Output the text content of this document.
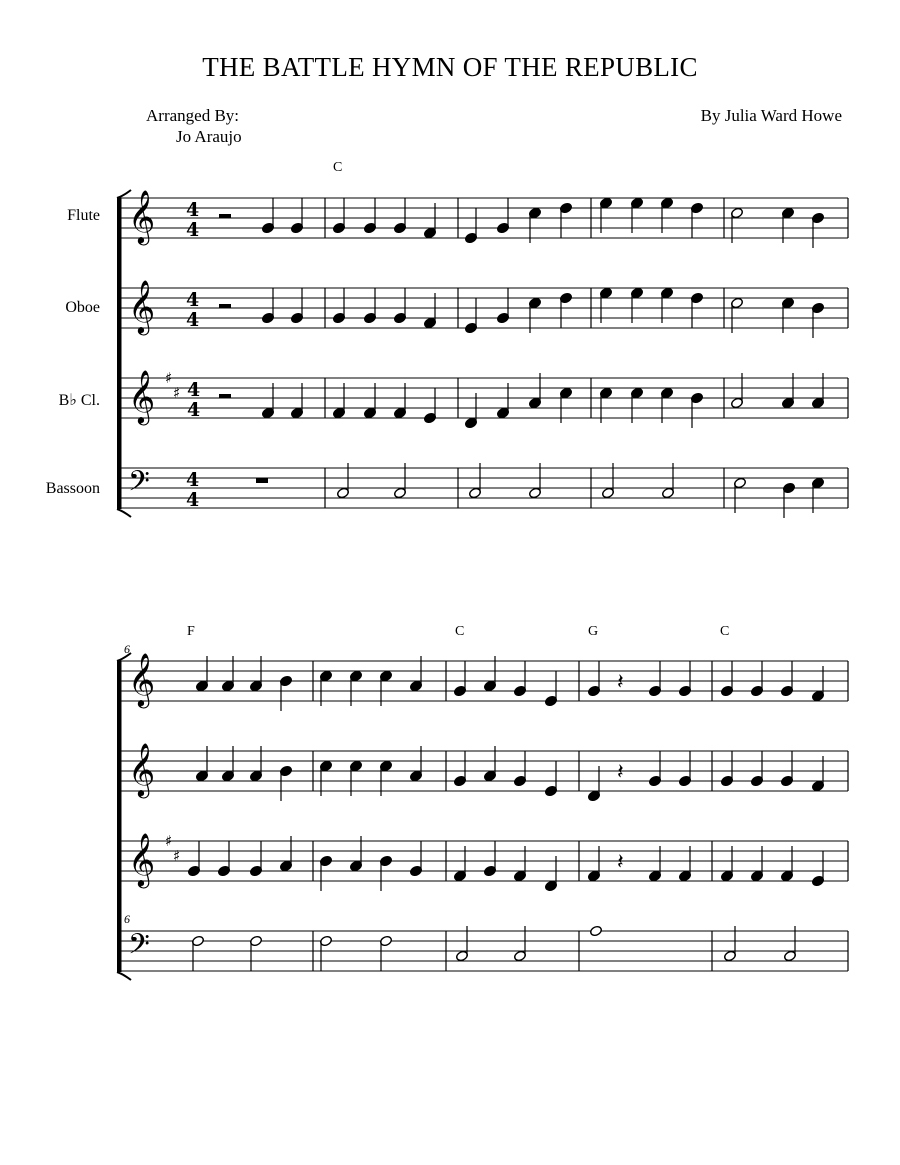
THE BATTLE HYMN OF THE REPUBLIC
Arranged By:
Jo Araujo
By Julia Ward Howe
Flute
Oboe
B♭ Cl.
Bassoon
C
F	C	G	C
6
6
𝄞 4
4
𝄞 4
4
𝄞 ♯
♯ 4
4
𝄢 4
4
𝄞
𝄞
𝄞 ♯
♯
𝄢
𝄽
𝄽
𝄽
